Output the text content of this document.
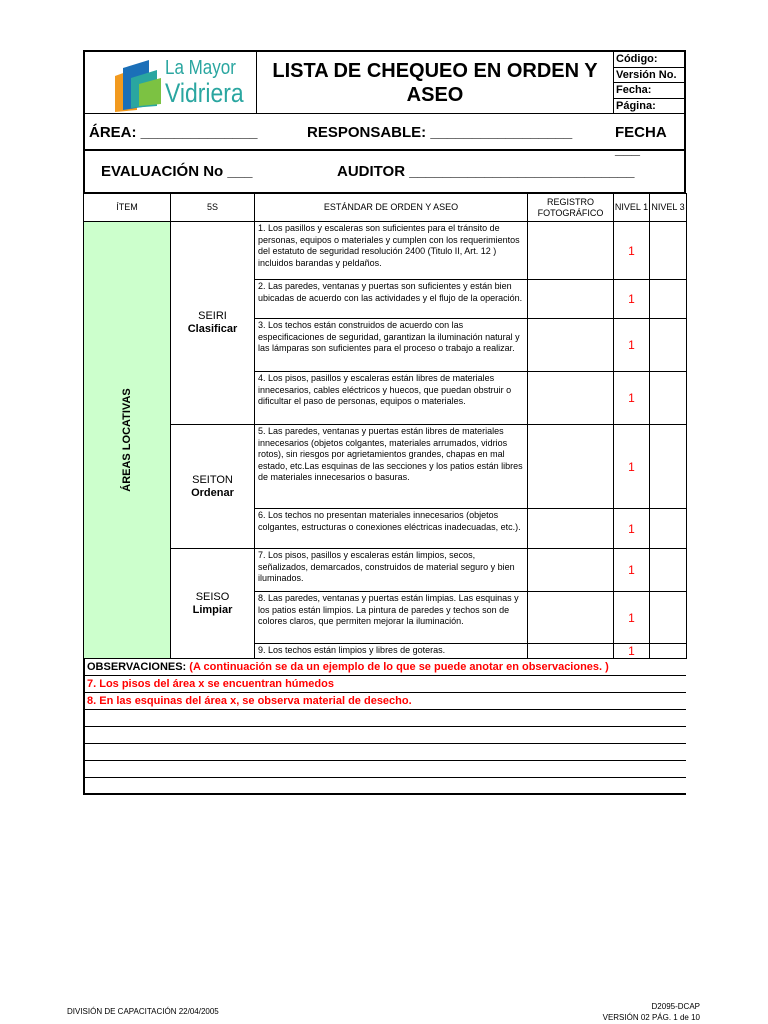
La Mayor
Vidriera
LISTA DE CHEQUEO EN ORDEN Y ASEO
Código:
Versión No.
Fecha:
Página:
ÁREA: ______________	RESPONSABLE: _________________	FECHA ___
EVALUACIÓN No ___	AUDITOR ___________________________
ÍTEM	5S	ESTÁNDAR DE ORDEN Y ASEO	REGISTRO FOTOGRÁFICO	NIVEL 1	NIVEL 3

ÁREAS LOCATIVAS	SEIRI
Clasificar	1. Los pasillos y escaleras son suficientes para el tránsito de personas, equipos o materiales y cumplen con los requerimientos del estatuto de seguridad resolución 2400 (Titulo II, Art. 12 ) incluidos barandas y peldaños.		1	
		2. Las paredes, ventanas y puertas son suficientes y están bien ubicadas de acuerdo con las actividades y el flujo de la operación.		1	
		3. Los techos están construidos de acuerdo con las especificaciones de seguridad, garantizan la iluminación natural y las lámparas son suficientes para el proceso o trabajo a realizar.		1	
		4. Los pisos, pasillos y escaleras están libres de materiales innecesarios, cables eléctricos y huecos, que puedan obstruir o dificultar el paso de personas, equipos o materiales.		1	
	SEITON
Ordenar	5. Las paredes, ventanas y puertas están libres de materiales innecesarios (objetos colgantes, materiales arrumados, vidrios rotos), sin riesgos por agrietamientos grandes, chapas en mal estado, etc.Las esquinas de las secciones y los patios están libres de materiales innecesarios o basuras.		1	
		6. Los techos no presentan materiales innecesarios (objetos colgantes, estructuras o conexiones eléctricas inadecuadas, etc.).		1	
	SEISO
Limpiar	7. Los pisos, pasillos y escaleras están limpios, secos, señalizados, demarcados, construidos de material seguro y bien iluminados.		1	
		8. Las paredes, ventanas y puertas están limpias. Las esquinas y los patios están limpios. La pintura de paredes y techos son de colores claros, que permiten mejorar la iluminación.		1	
		9. Los techos están limpios y libres de goteras.		1	
OBSERVACIONES: (A continuación se da un ejemplo de lo que se puede anotar en observaciones. )
7. Los pisos del área x se encuentran húmedos
8. En las esquinas del área x, se observa material de desecho.
DIVISIÓN DE CAPACITACIÓN 22/04/2005
D2095-DCAP
VERSIÓN 02 PÁG. 1 de 10
